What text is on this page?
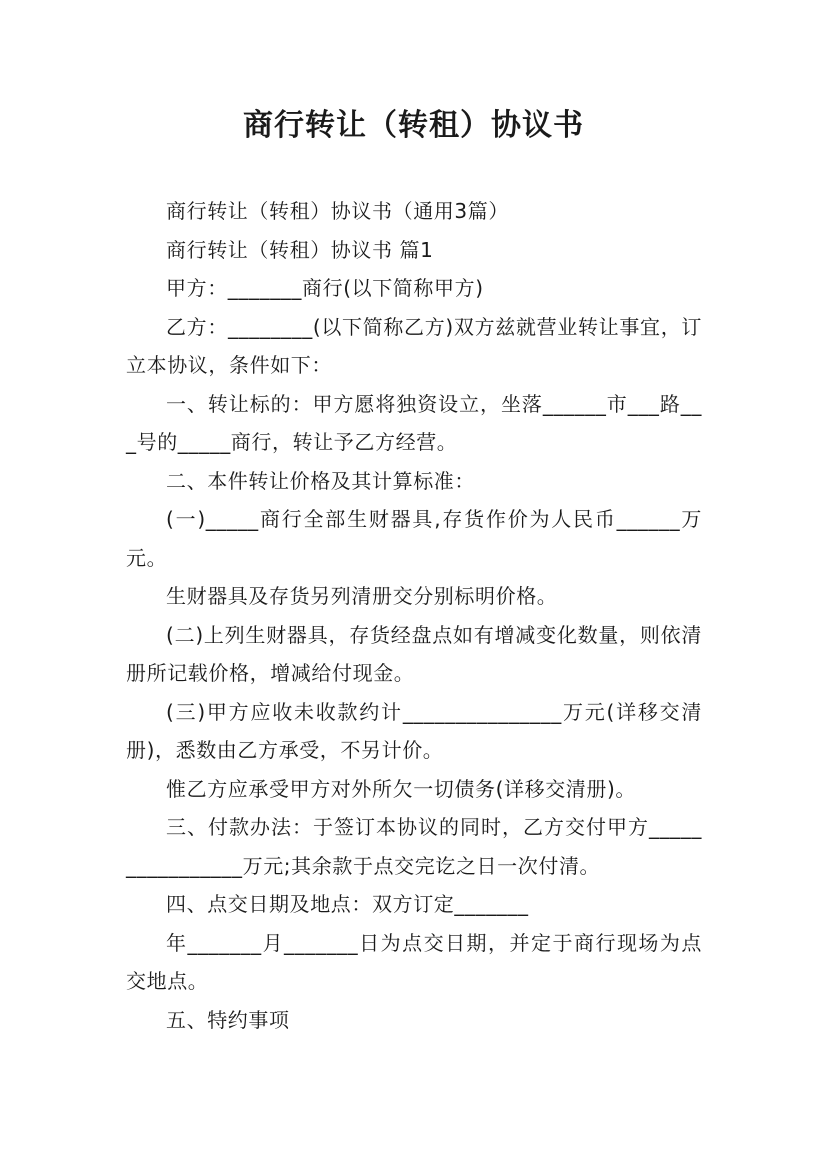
商行转让（转租）协议书

商行转让（转租）协议书（通用3篇）

商行转让（转租）协议书 篇1

甲方：_______商行(以下简称甲方)

乙方：________(以下简称乙方)双方兹就营业转让事宜，订立本协议，条件如下：

一、转让标的：甲方愿将独资设立，坐落______市___路___号的_____商行，转让予乙方经营。

二、本件转让价格及其计算标准：

(一)_____商行全部生财器具,存货作价为人民币______万元。

生财器具及存货另列清册交分别标明价格。

(二)上列生财器具，存货经盘点如有增减变化数量，则依清册所记载价格，增减给付现金。

(三)甲方应收未收款约计_______________万元(详移交清册)，悉数由乙方承受，不另计价。

惟乙方应承受甲方对外所欠一切债务(详移交清册)。

三、付款办法：于签订本协议的同时，乙方交付甲方________________万元;其余款于点交完讫之日一次付清。

四、点交日期及地点：双方订定_______

年_______月_______日为点交日期，并定于商行现场为点交地点。

五、特约事项
